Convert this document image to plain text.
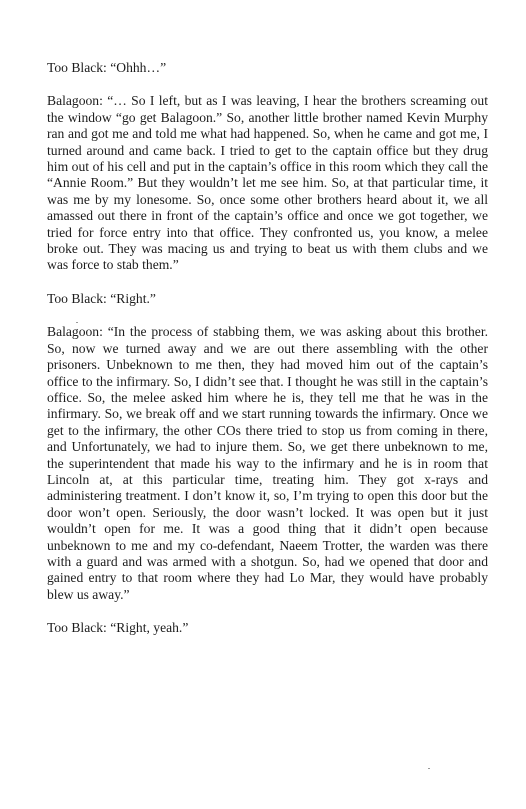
Too Black: “Ohhh…”

Balagoon: “… So I left, but as I was leaving, I hear the brothers screaming out the window “go get Balagoon.” So, another little brother named Kevin Murphy ran and got me and told me what had happened. So, when he came and got me, I turned around and came back. I tried to get to the captain office but they drug him out of his cell and put in the captain’s office in this room which they call the “Annie Room.” But they wouldn’t let me see him. So, at that particular time, it was me by my lonesome. So, once some other brothers heard about it, we all amassed out there in front of the captain’s office and once we got together, we tried for force entry into that office. They confronted us, you know, a melee broke out. They was macing us and trying to beat us with them clubs and we was force to stab them.”

Too Black: “Right.”

Balagoon: “In the process of stabbing them, we was asking about this brother. So, now we turned away and we are out there assembling with the other prisoners. Unbeknown to me then, they had moved him out of the captain’s office to the infirmary. So, I didn’t see that. I thought he was still in the captain’s office. So, the melee asked him where he is, they tell me that he was in the infirmary. So, we break off and we start running towards the infirmary. Once we get to the infirmary, the other COs there tried to stop us from coming in there, and Unfortunately, we had to injure them. So, we get there unbeknown to me, the superintendent that made his way to the infirmary and he is in room that Lincoln at, at this particular time, treating him. They got x-rays and administering treatment. I don’t know it, so, I’m trying to open this door but the door won’t open. Seriously, the door wasn’t locked. It was open but it just wouldn’t open for me. It was a good thing that it didn’t open because unbeknown to me and my co-defendant, Naeem Trotter, the warden was there with a guard and was armed with a shotgun. So, had we opened that door and gained entry to that room where they had Lo Mar, they would have probably blew us away.”

Too Black: “Right, yeah.”
